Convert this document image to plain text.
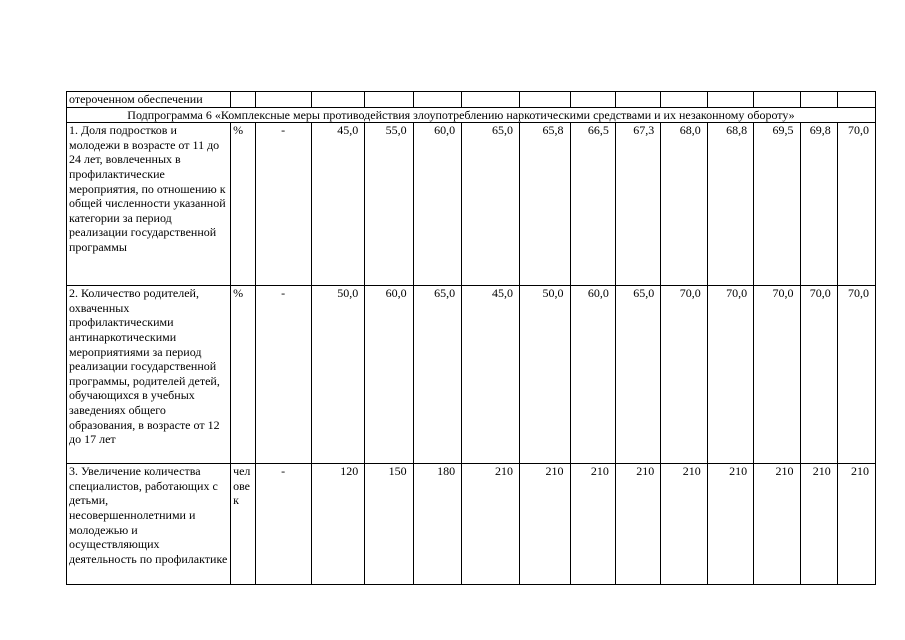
отероченном обеспечении														
Подпрограмма 6 «Комплексные меры противодействия злоупотреблению наркотическими средствами и их незаконному обороту»														
1. Доля подростков и молодежи в возрасте от 11 до 24 лет, вовлеченных в профилактические мероприятия, по отношению к общей численности указанной категории за период реализации государственной программы	%	-	45,0	55,0	60,0	65,0	65,8	66,5	67,3	68,0	68,8	69,5	69,8	70,0
2. Количество родителей, охваченных профилактическими антинаркотическими мероприятиями за период реализации государственной программы, родителей детей, обучающихся в учебных заведениях общего образования, в возрасте от 12 до 17 лет	%	-	50,0	60,0	65,0	45,0	50,0	60,0	65,0	70,0	70,0	70,0	70,0	70,0
3. Увеличение количества специалистов, работающих с детьми, несовершеннолетними и молодежью и осуществляющих деятельность по профилактике	человек	-	120	150	180	210	210	210	210	210	210	210	210	210
